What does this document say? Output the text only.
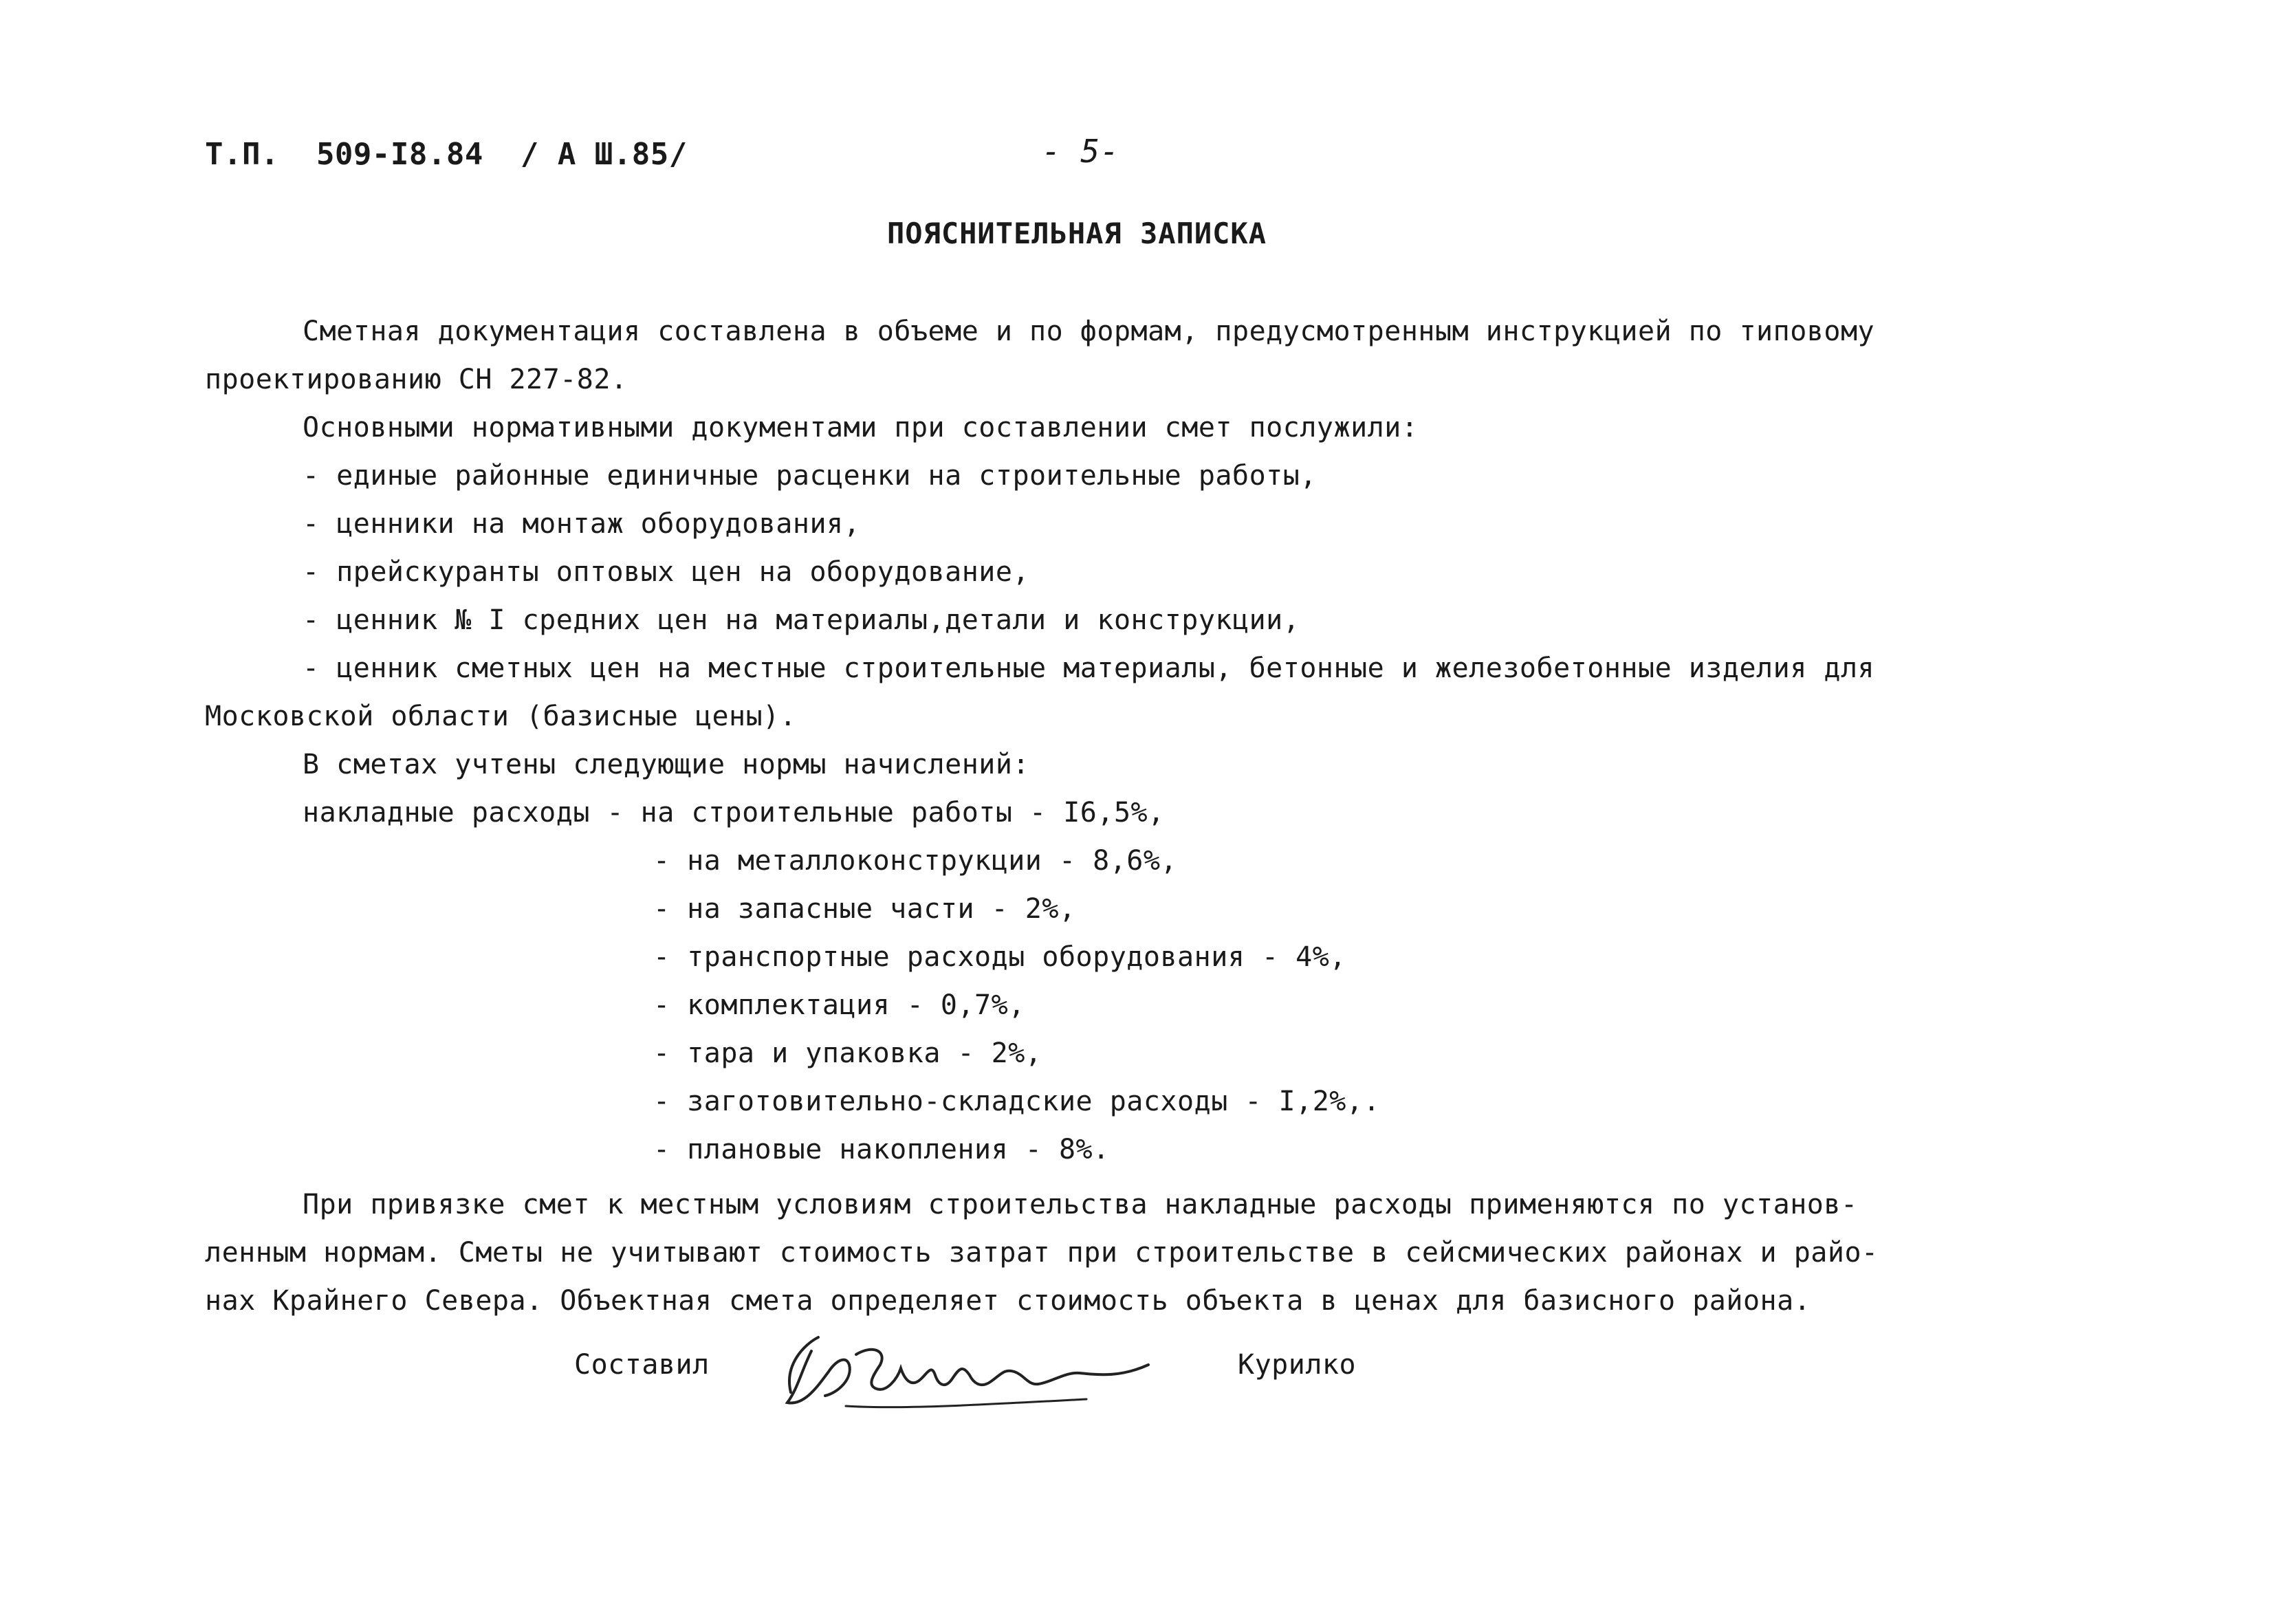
Т.П.  509-I8.84  / А Ш.85/	- 5-
ПОЯСНИТЕЛЬНАЯ ЗАПИСКА
Сметная документация составлена в объеме и по формам, предусмотренным инструкцией по типовому
проектированию СН 227-82.
Основными нормативными документами при составлении смет послужили:
- единые районные единичные расценки на строительные работы,
- ценники на монтаж оборудования,
- прейскуранты оптовых цен на оборудование,
- ценник № I средних цен на материалы,детали и конструкции,
- ценник сметных цен на местные строительные материалы, бетонные и железобетонные изделия для
Московской области (базисные цены).
В сметах учтены следующие нормы начислений:
накладные расходы - на строительные работы - I6,5%,
- на металлоконструкции - 8,6%,
- на запасные части - 2%,
- транспортные расходы оборудования - 4%,
- комплектация - 0,7%,
- тара и упаковка - 2%,
- заготовительно-складские расходы - I,2%,.
- плановые накопления - 8%.
При привязке смет к местным условиям строительства накладные расходы применяются по установ-
ленным нормам. Сметы не учитывают стоимость затрат при строительстве в сейсмических районах и райо-
нах Крайнего Севера. Объектная смета определяет стоимость объекта в ценах для базисного района.
Составил	Курилко
